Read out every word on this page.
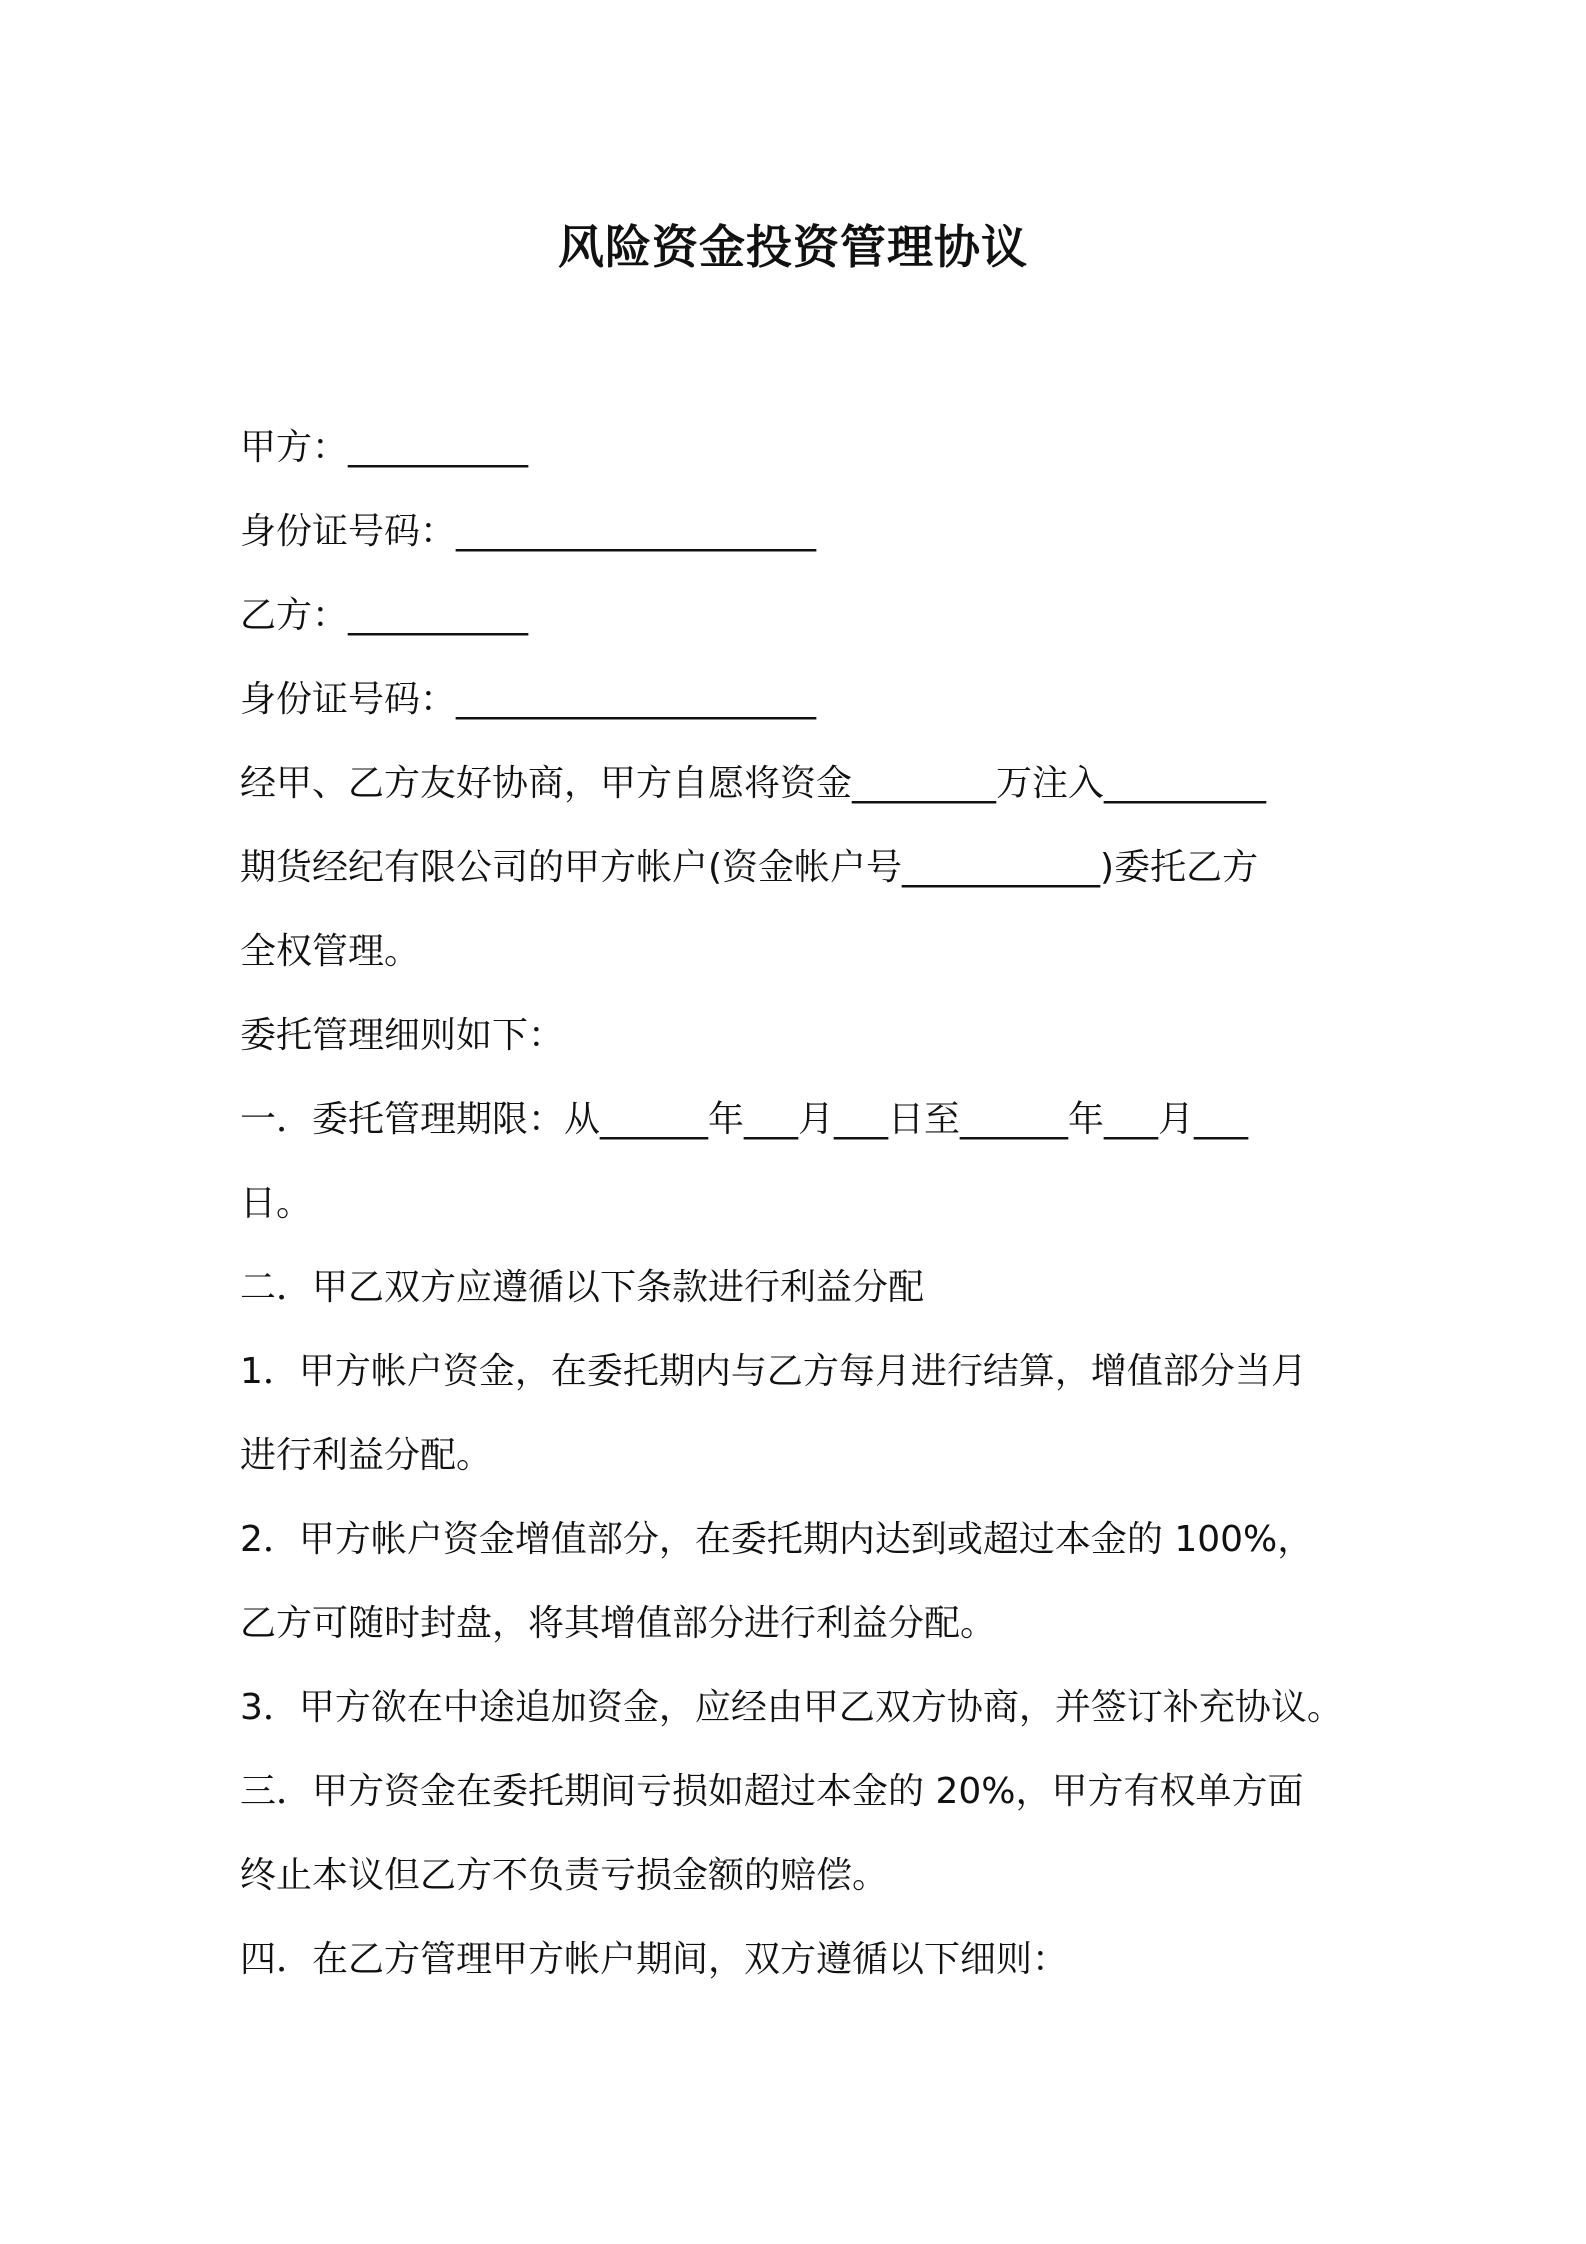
风险资金投资管理协议

甲方：__________

身份证号码：____________________

乙方：__________

身份证号码：____________________

经甲、乙方友好协商，甲方自愿将资金________万注入_________

期货经纪有限公司的甲方帐户(资金帐户号___________)委托乙方

全权管理。

委托管理细则如下：

一．委托管理期限：从______年___月___日至______年___月___

日。

二．甲乙双方应遵循以下条款进行利益分配

1．甲方帐户资金，在委托期内与乙方每月进行结算，增值部分当月

进行利益分配。

2．甲方帐户资金增值部分，在委托期内达到或超过本金的 100%，

乙方可随时封盘，将其增值部分进行利益分配。

3．甲方欲在中途追加资金，应经由甲乙双方协商，并签订补充协议。

三．甲方资金在委托期间亏损如超过本金的 20%，甲方有权单方面

终止本议但乙方不负责亏损金额的赔偿。

四．在乙方管理甲方帐户期间，双方遵循以下细则：
